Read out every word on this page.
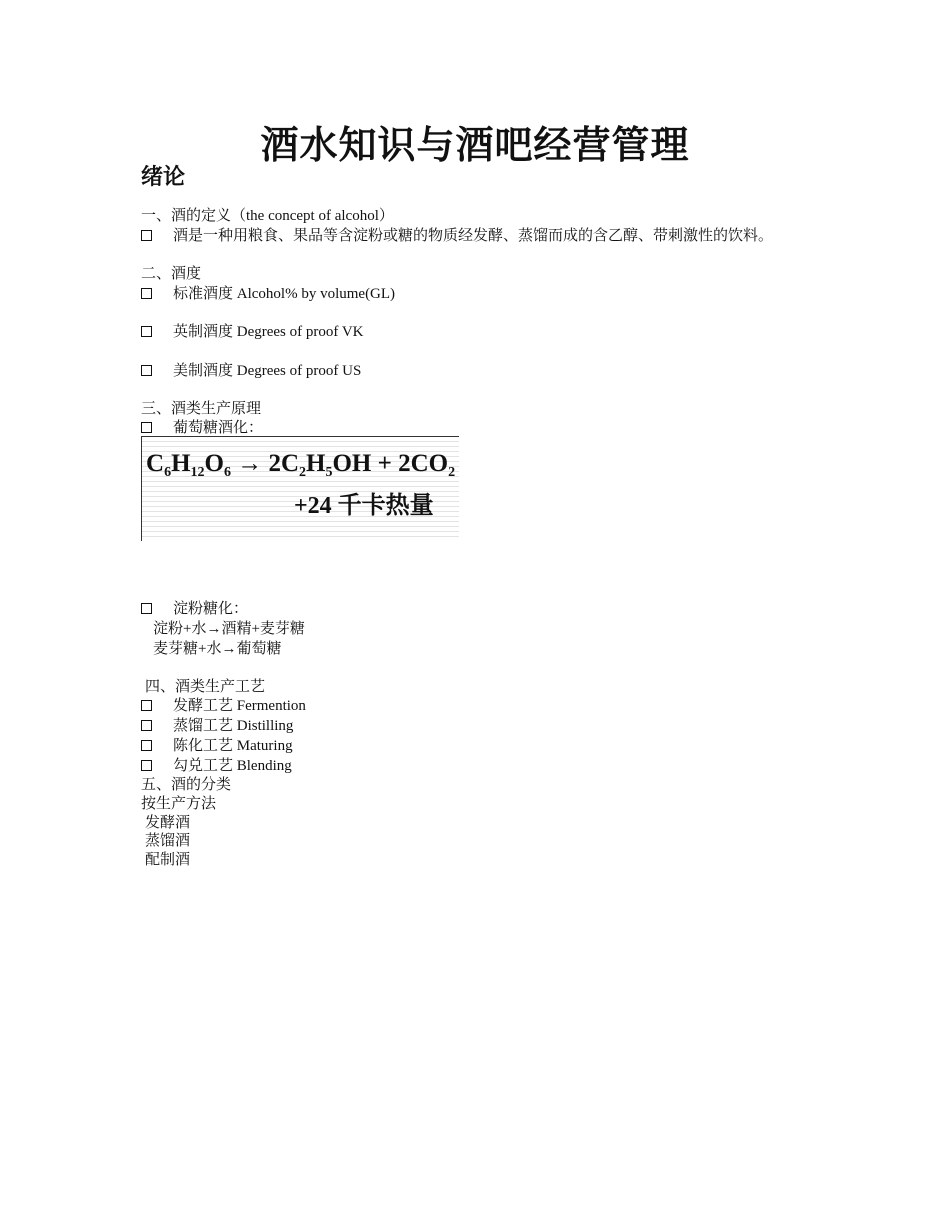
酒水知识与酒吧经营管理
绪论
一、酒的定义（the concept of alcohol）
酒是一种用粮食、果品等含淀粉或糖的物质经发酵、蒸馏而成的含乙醇、带刺激性的饮料。
二、酒度
标准酒度 Alcohol% by volume(GL)
英制酒度 Degrees of proof VK
美制酒度 Degrees of proof US
三、酒类生产原理
葡萄糖酒化：
$C_6H_{12}O_6 \to 2C_2H_5OH + 2CO_2$
+24 千卡热量
淀粉糖化：
淀粉+水→酒精+麦芽糖
麦芽糖+水→葡萄糖
四、酒类生产工艺
发酵工艺 Fermention
蒸馏工艺 Distilling
陈化工艺 Maturing
勾兑工艺 Blending
五、酒的分类
按生产方法
发酵酒
蒸馏酒
配制酒
